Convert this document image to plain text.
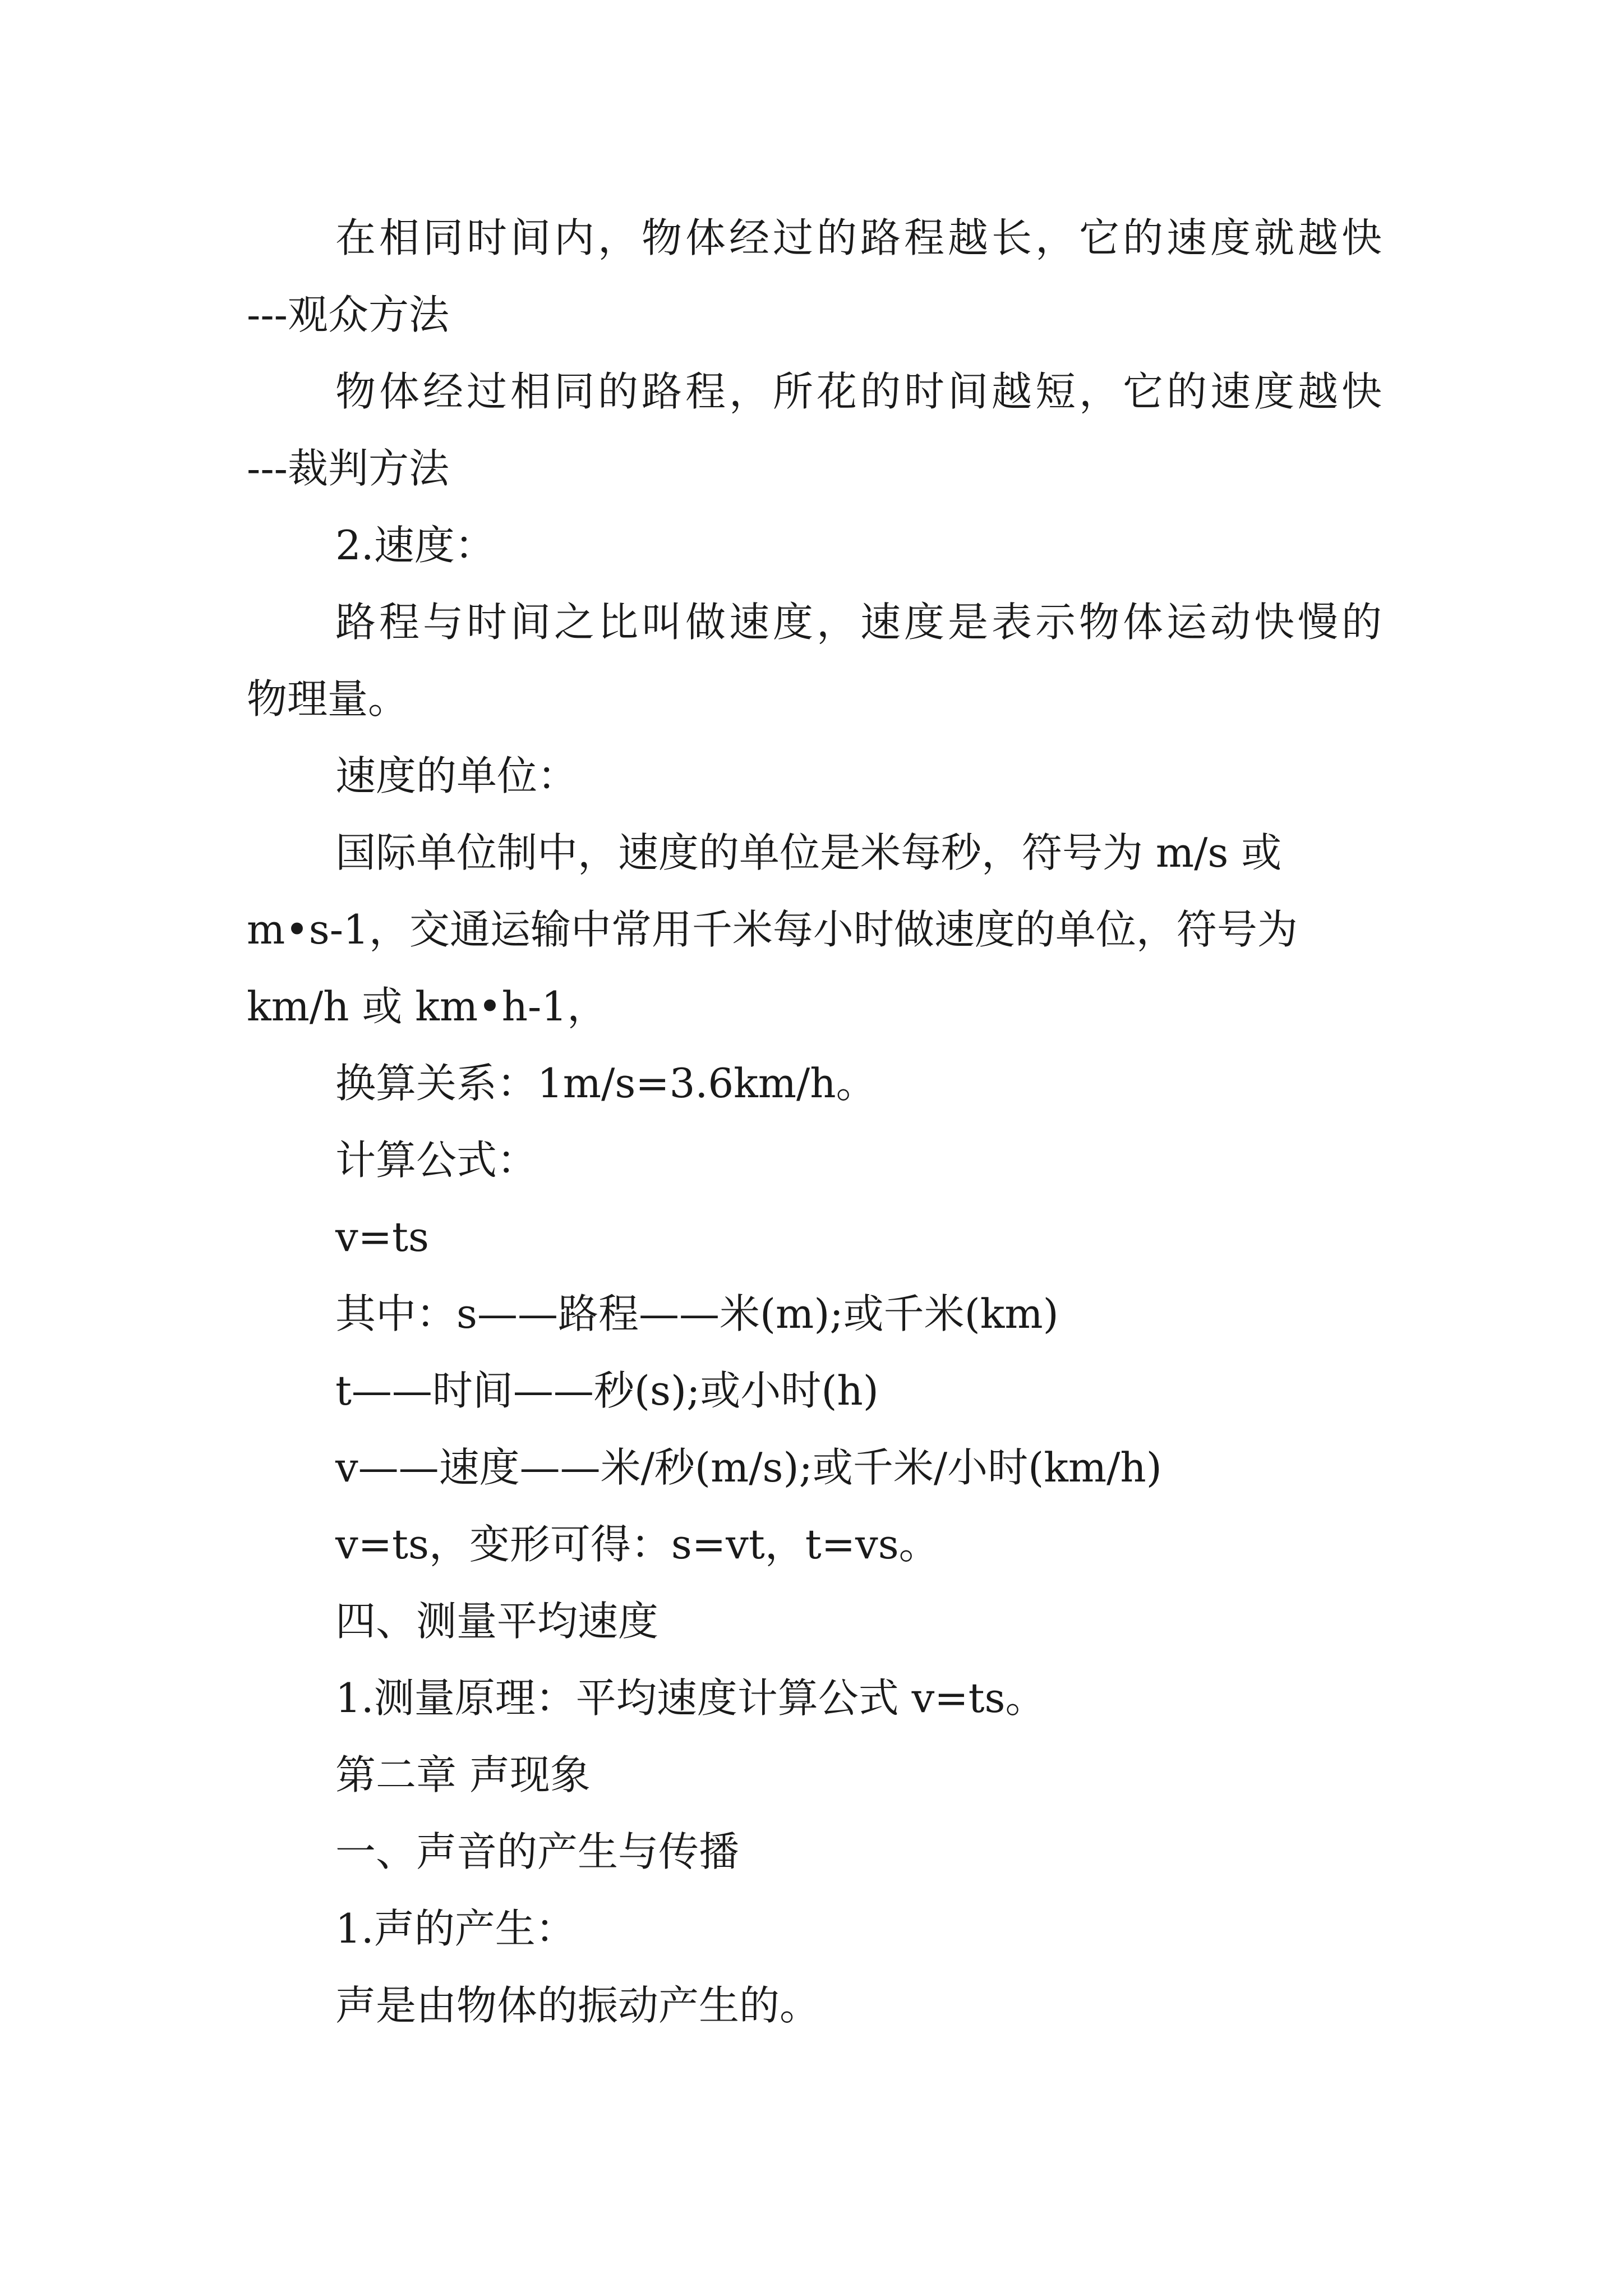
在相同时间内，物体经过的路程越长，它的速度就越快
---观众方法
物体经过相同的路程，所花的时间越短，它的速度越快
---裁判方法
2.速度：
路程与时间之比叫做速度，速度是表示物体运动快慢的
物理量。
速度的单位：
国际单位制中，速度的单位是米每秒，符号为 m/s 或
m•s-1，交通运输中常用千米每小时做速度的单位，符号为
km/h 或 km•h-1，
换算关系：1m/s=3.6km/h。
计算公式：
v=ts
其中：s——路程——米(m);或千米(km)
t——时间——秒(s);或小时(h)
v——速度——米/秒(m/s);或千米/小时(km/h)
v=ts，变形可得：s=vt，t=vs。
四、测量平均速度
1.测量原理：平均速度计算公式 v=ts。
第二章 声现象
一、声音的产生与传播
1.声的产生：
声是由物体的振动产生的。
